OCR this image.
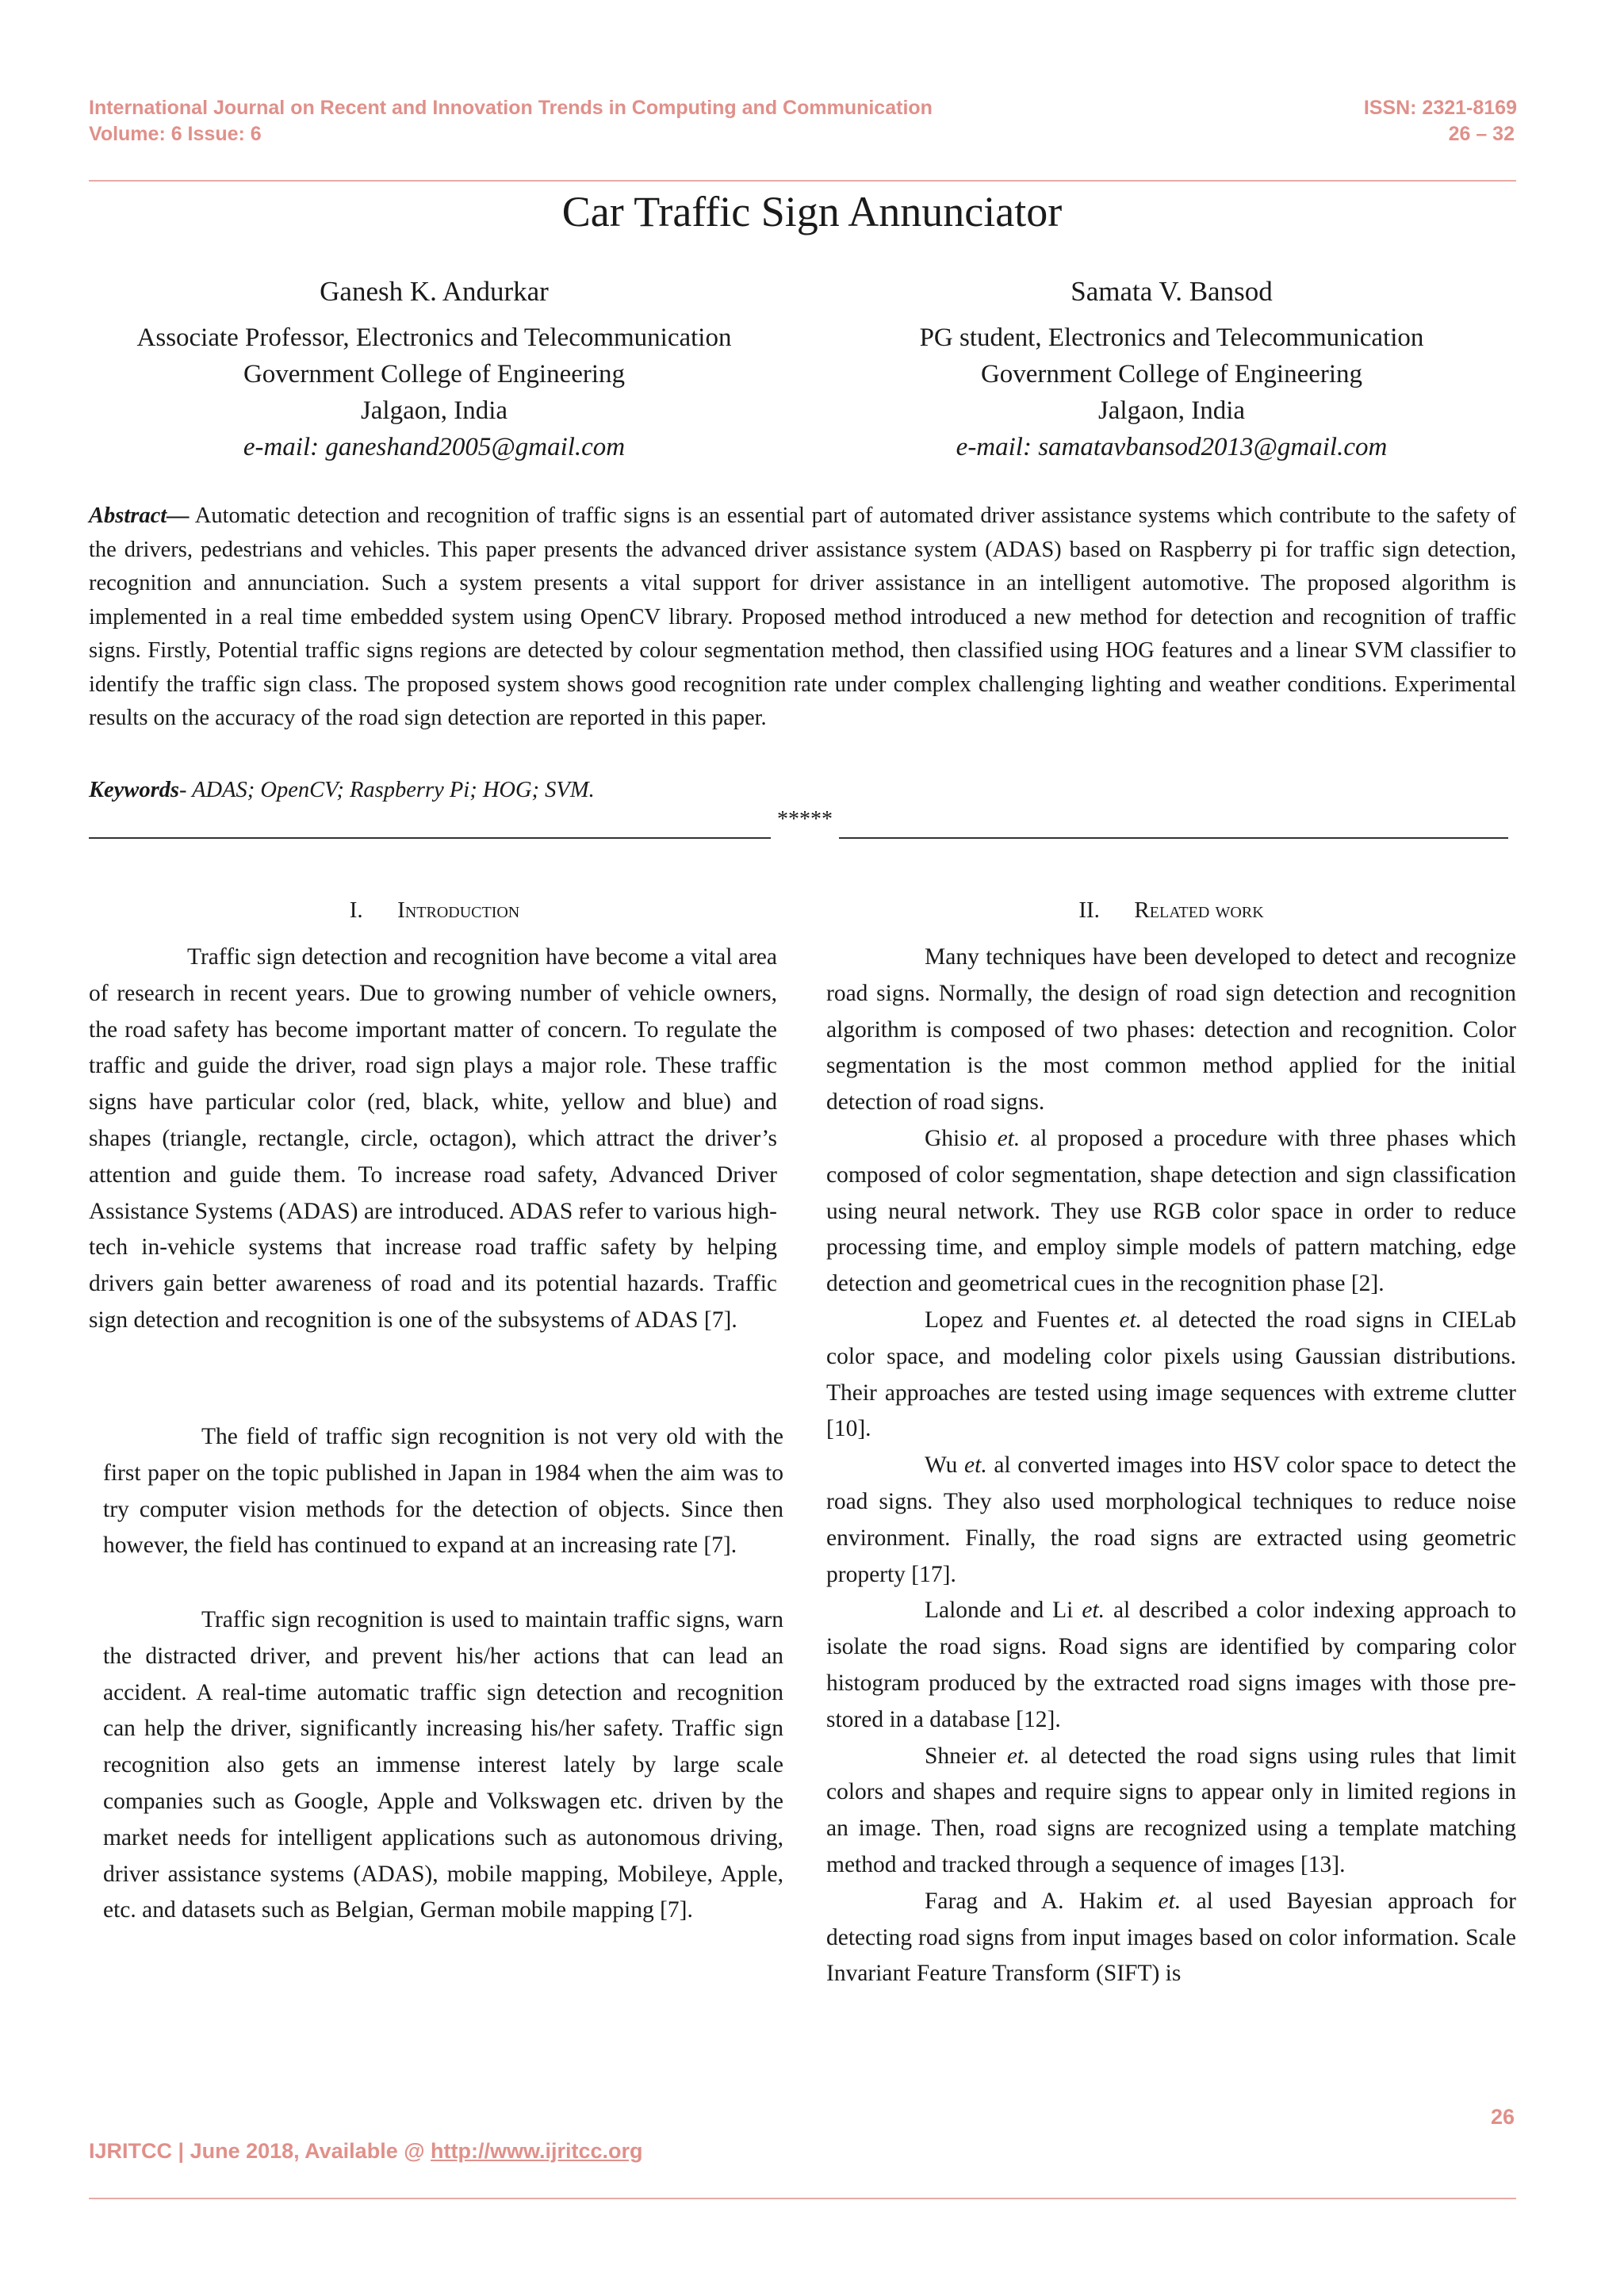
International Journal on Recent and Innovation Trends in Computing and Communication	ISSN: 2321-8169
Volume: 6 Issue: 6	26 – 32
Car Traffic Sign Annunciator
Ganesh K. Andurkar
Associate Professor, Electronics and Telecommunication
Government College of Engineering
Jalgaon, India
e-mail: ganeshand2005@gmail.com
Samata V. Bansod
PG student, Electronics and Telecommunication
Government College of Engineering
Jalgaon, India
e-mail: samatavbansod2013@gmail.com

Abstract— Automatic detection and recognition of traffic signs is an essential part of automated driver assistance systems which contribute to the safety of the drivers, pedestrians and vehicles. This paper presents the advanced driver assistance system (ADAS) based on Raspberry pi for traffic sign detection, recognition and annunciation. Such a system presents a vital support for driver assistance in an intelligent automotive. The proposed algorithm is implemented in a real time embedded system using OpenCV library. Proposed method introduced a new method for detection and recognition of traffic signs. Firstly, Potential traffic signs regions are detected by colour segmentation method, then classified using HOG features and a linear SVM classifier to identify the traffic sign class. The proposed system shows good recognition rate under complex challenging lighting and weather conditions. Experimental results on the accuracy of the road sign detection are reported in this paper.

Keywords- ADAS; OpenCV; Raspberry Pi; HOG; SVM.

*****
I. Introduction

Traffic sign detection and recognition have become a vital area of research in recent years. Due to growing number of vehicle owners, the road safety has become important matter of concern. To regulate the traffic and guide the driver, road sign plays a major role. These traffic signs have particular color (red, black, white, yellow and blue) and shapes (triangle, rectangle, circle, octagon), which attract the driver’s attention and guide them. To increase road safety, Advanced Driver Assistance Systems (ADAS) are introduced. ADAS refer to various high-tech in-vehicle systems that increase road traffic safety by helping drivers gain better awareness of road and its potential hazards. Traffic sign detection and recognition is one of the subsystems of ADAS [7].

The field of traffic sign recognition is not very old with the first paper on the topic published in Japan in 1984 when the aim was to try computer vision methods for the detection of objects. Since then however, the field has continued to expand at an increasing rate [7].

Traffic sign recognition is used to maintain traffic signs, warn the distracted driver, and prevent his/her actions that can lead an accident. A real-time automatic traffic sign detection and recognition can help the driver, significantly increasing his/her safety. Traffic sign recognition also gets an immense interest lately by large scale companies such as Google, Apple and Volkswagen etc. driven by the market needs for intelligent applications such as autonomous driving, driver assistance systems (ADAS), mobile mapping, Mobileye, Apple, etc. and datasets such as Belgian, German mobile mapping [7].

II. Related work

Many techniques have been developed to detect and recognize road signs. Normally, the design of road sign detection and recognition algorithm is composed of two phases: detection and recognition. Color segmentation is the most common method applied for the initial detection of road signs.

Ghisio et. al proposed a procedure with three phases which composed of color segmentation, shape detection and sign classification using neural network. They use RGB color space in order to reduce processing time, and employ simple models of pattern matching, edge detection and geometrical cues in the recognition phase [2].

Lopez and Fuentes et. al detected the road signs in CIELab color space, and modeling color pixels using Gaussian distributions. Their approaches are tested using image sequences with extreme clutter [10].

Wu et. al converted images into HSV color space to detect the road signs. They also used morphological techniques to reduce noise environment. Finally, the road signs are extracted using geometric property [17].

Lalonde and Li et. al described a color indexing approach to isolate the road signs. Road signs are identified by comparing color histogram produced by the extracted road signs images with those pre-stored in a database [12].

Shneier et. al detected the road signs using rules that limit colors and shapes and require signs to appear only in limited regions in an image. Then, road signs are recognized using a template matching method and tracked through a sequence of images [13].

Farag and A. Hakim et. al used Bayesian approach for detecting road signs from input images based on color information. Scale Invariant Feature Transform (SIFT) is

26
IJRITCC | June 2018, Available @ http://www.ijritcc.org
